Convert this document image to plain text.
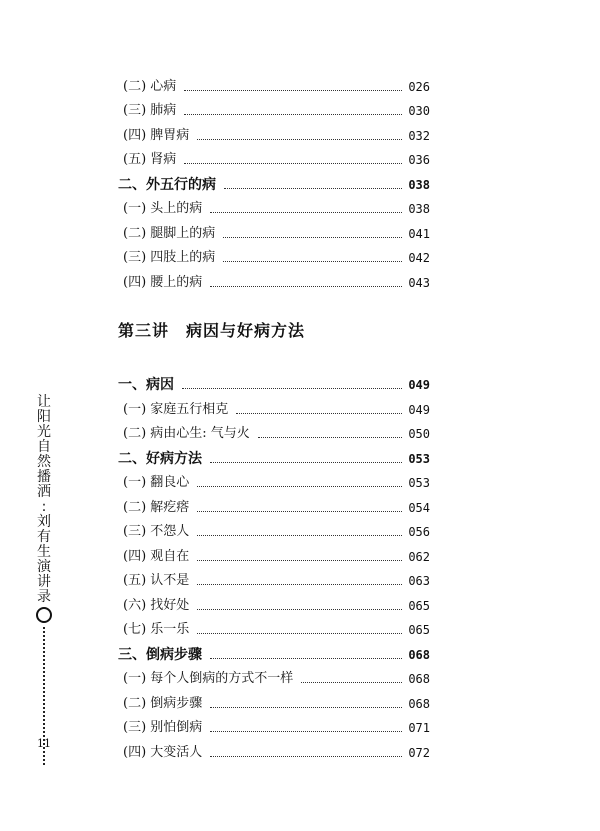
(二) 心病	026
(三) 肺病	030
(四) 脾胃病	032
(五) 肾病	036
二、外五行的病	038
(一) 头上的病	038
(二) 腿脚上的病	041
(三) 四肢上的病	042
(四) 腰上的病	043
第三讲　病因与好病方法
一、病因	049
(一) 家庭五行相克	049
(二) 病由心生: 气与火	050
二、好病方法	053
(一) 翻良心	053
(二) 解疙瘩	054
(三) 不怨人	056
(四) 观自在	062
(五) 认不是	063
(六) 找好处	065
(七) 乐一乐	065
三、倒病步骤	068
(一) 每个人倒病的方式不一样	068
(二) 倒病步骤	068
(三) 别怕倒病	071
(四) 大变活人	072
让
阳
光
自
然
播
洒
:
刘
有
生
演
讲
录
11
